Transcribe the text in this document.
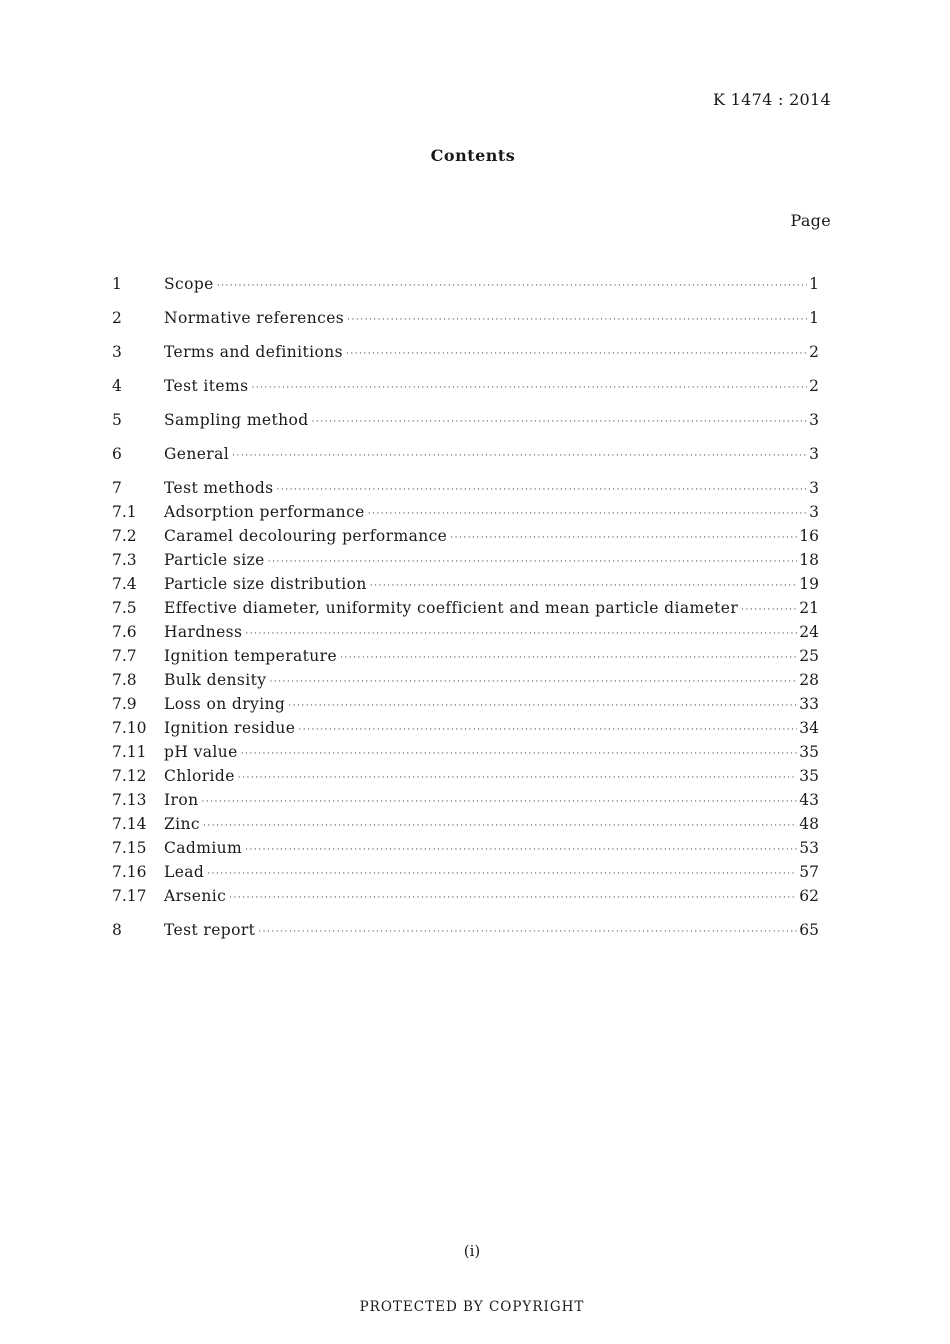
K 1474 : 2014
Contents
Page
1	Scope ·····	1
2	Normative references ·····	1
3	Terms and definitions ·····	2
4	Test items ·····	2
5	Sampling method ·····	3
6	General ·····	3
7	Test methods ·····	3
7.1	Adsorption performance ·····	3
7.2	Caramel decolouring performance ·····	16
7.3	Particle size ·····	18
7.4	Particle size distribution ·····	19
7.5	Effective diameter, uniformity coefficient and mean particle diameter ·····	21
7.6	Hardness ·····	24
7.7	Ignition temperature ·····	25
7.8	Bulk density ·····	28
7.9	Loss on drying ·····	33
7.10	Ignition residue ·····	34
7.11	pH value ·····	35
7.12	Chloride ·····	35
7.13	Iron ·····	43
7.14	Zinc ·····	48
7.15	Cadmium ·····	53
7.16	Lead ·····	57
7.17	Arsenic ·····	62
8	Test report ·····	65
(i)
PROTECTED BY COPYRIGHT
